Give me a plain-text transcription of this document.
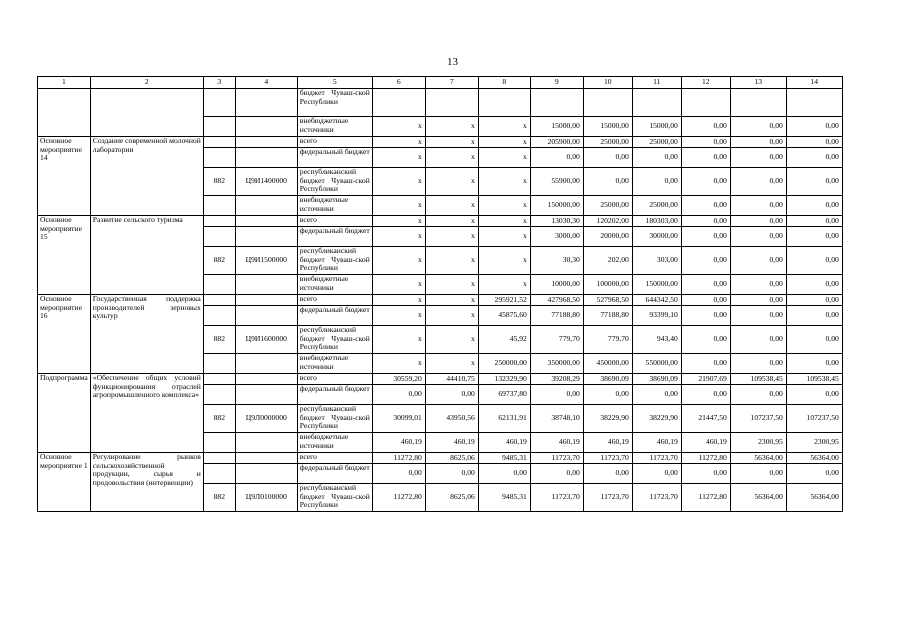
13
1	2	3	4	5	6	7	8	9	10	11	12	13	14
				бюджет Чуваш-ской Республики									
				внебюджетные источники	x	x	x	15000,00	15000,00	15000,00	0,00	0,00	0,00
Основное мероприятие 14	Создание современной молочной лаборатории			всего	x	x	x	205900,00	25000,00	25000,00	0,00	0,00	0,00
				федеральный бюджет	x	x	x	0,00	0,00	0,00	0,00	0,00	0,00
		882	Ц9И1400000	республиканский бюджет Чуваш-ской Республики	x	x	x	55900,00	0,00	0,00	0,00	0,00	0,00
				внебюджетные источники	x	x	x	150000,00	25000,00	25000,00	0,00	0,00	0,00
Основное мероприятие 15	Развитие сельского туризма			всего	x	x	x	13030,30	120202,00	180303,00	0,00	0,00	0,00
				федеральный бюджет	x	x	x	3000,00	20000,00	30000,00	0,00	0,00	0,00
		882	Ц9И1500000	республиканский бюджет Чуваш-ской Республики	x	x	x	30,30	202,00	303,00	0,00	0,00	0,00
				внебюджетные источники	x	x	x	10000,00	100000,00	150000,00	0,00	0,00	0,00
Основное мероприятие 16	Государственная поддержка производителей зерновых культур			всего	x	x	295921,52	427968,50	527968,50	644342,50	0,00	0,00	0,00
				федеральный бюджет	x	x	45875,60	77188,80	77188,80	93399,10	0,00	0,00	0,00
		882	Ц9И1600000	республиканский бюджет Чуваш-ской Республики	x	x	45,92	779,70	779,70	943,40	0,00	0,00	0,00
				внебюджетные источники	x	x	250000,00	350000,00	450000,00	550000,00	0,00	0,00	0,00
Подпрограмма	«Обеспечение общих условий функционирования отраслей агропромышленного комплекса»			всего	30559,20	44410,75	132329,90	39208,29	38690,09	38690,09	21907,69	109538,45	109538,45
				федеральный бюджет	0,00	0,00	69737,80	0,00	0,00	0,00	0,00	0,00	0,00
		882	Ц9Л0000000	республиканский бюджет Чуваш-ской Республики	30099,01	43950,56	62131,91	38748,10	38229,90	38229,90	21447,50	107237,50	107237,50
				внебюджетные источники	460,19	460,19	460,19	460,19	460,19	460,19	460,19	2300,95	2300,95
Основное мероприятие 1	Регулирование рынков сельскохозяйственной продукции, сырья и продовольствия (интервенции)			всего	11272,80	8625,06	9485,31	11723,70	11723,70	11723,70	11272,80	56364,00	56364,00
				федеральный бюджет	0,00	0,00	0,00	0,00	0,00	0,00	0,00	0,00	0,00
		882	Ц9Л0100000	республиканский бюджет Чуваш-ской Республики	11272,80	8625,06	9485,31	11723,70	11723,70	11723,70	11272,80	56364,00	56364,00
